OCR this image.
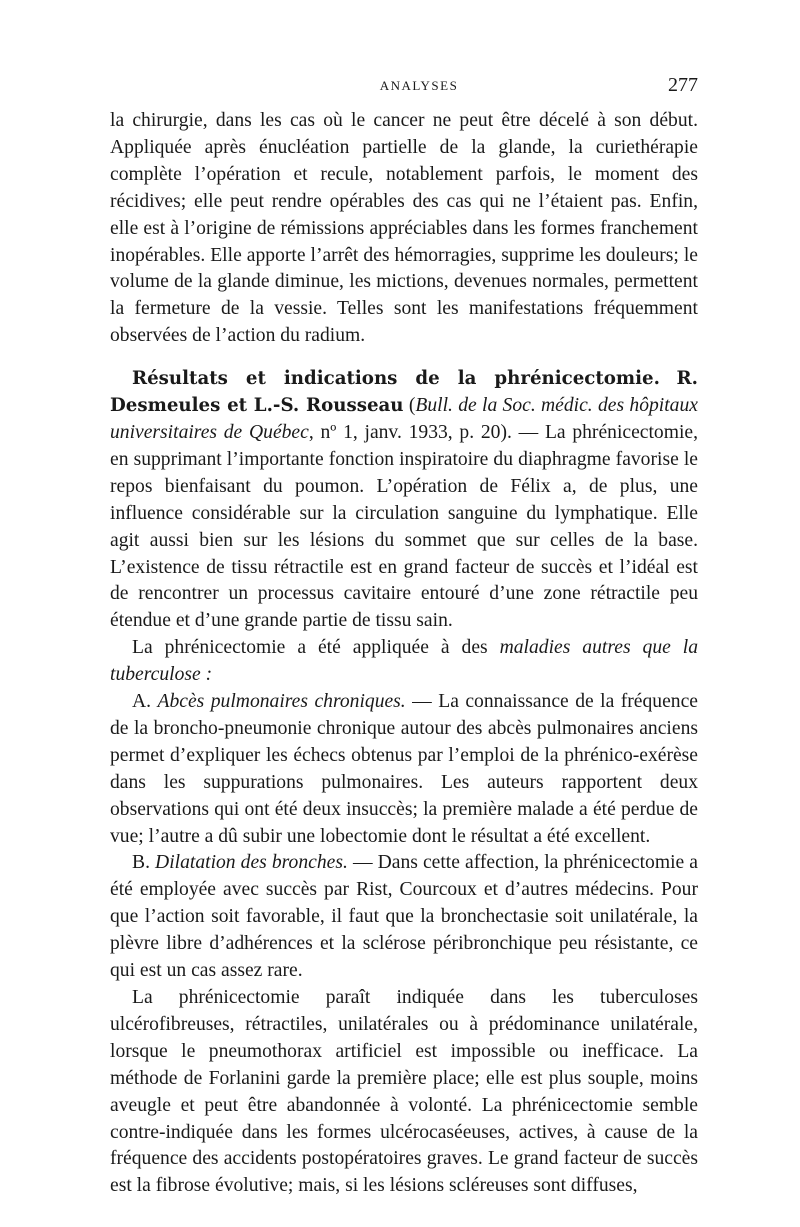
ANALYSES	277

la chirurgie, dans les cas où le cancer ne peut être décelé à son début. Appliquée après énucléation partielle de la glande, la curiethérapie complète l’opération et recule, notablement parfois, le moment des récidives; elle peut rendre opérables des cas qui ne l’étaient pas. Enfin, elle est à l’origine de rémissions appréciables dans les formes franchement inopérables. Elle apporte l’arrêt des hémorragies, supprime les douleurs; le volume de la glande diminue, les mictions, devenues normales, permettent la fermeture de la vessie. Telles sont les manifestations fréquemment observées de l’action du radium.

Résultats et indications de la phrénicectomie. R. Desmeules et L.-S. Rousseau (Bull. de la Soc. médic. des hôpitaux universitaires de Québec, nº 1, janv. 1933, p. 20). — La phrénicectomie, en supprimant l’importante fonction inspiratoire du diaphragme favorise le repos bienfaisant du poumon. L’opération de Félix a, de plus, une influence considérable sur la circulation sanguine du lymphatique. Elle agit aussi bien sur les lésions du sommet que sur celles de la base. L’existence de tissu rétractile est en grand facteur de succès et l’idéal est de rencontrer un processus cavitaire entouré d’une zone rétractile peu étendue et d’une grande partie de tissu sain.

La phrénicectomie a été appliquée à des maladies autres que la tuberculose :

A. Abcès pulmonaires chroniques. — La connaissance de la fréquence de la broncho-pneumonie chronique autour des abcès pulmonaires anciens permet d’expliquer les échecs obtenus par l’emploi de la phrénico-exérèse dans les suppurations pulmonaires. Les auteurs rapportent deux observations qui ont été deux insuccès; la première malade a été perdue de vue; l’autre a dû subir une lobectomie dont le résultat a été excellent.

B. Dilatation des bronches. — Dans cette affection, la phrénicectomie a été employée avec succès par Rist, Courcoux et d’autres médecins. Pour que l’action soit favorable, il faut que la bronchectasie soit unilatérale, la plèvre libre d’adhérences et la sclérose péribronchique peu résistante, ce qui est un cas assez rare.

La phrénicectomie paraît indiquée dans les tuberculoses ulcérofibreuses, rétractiles, unilatérales ou à prédominance unilatérale, lorsque le pneumothorax artificiel est impossible ou inefficace. La méthode de Forlanini garde la première place; elle est plus souple, moins aveugle et peut être abandonnée à volonté. La phrénicectomie semble contre-indiquée dans les formes ulcérocaséeuses, actives, à cause de la fréquence des accidents postopératoires graves. Le grand facteur de succès est la fibrose évolutive; mais, si les lésions scléreuses sont diffuses,
